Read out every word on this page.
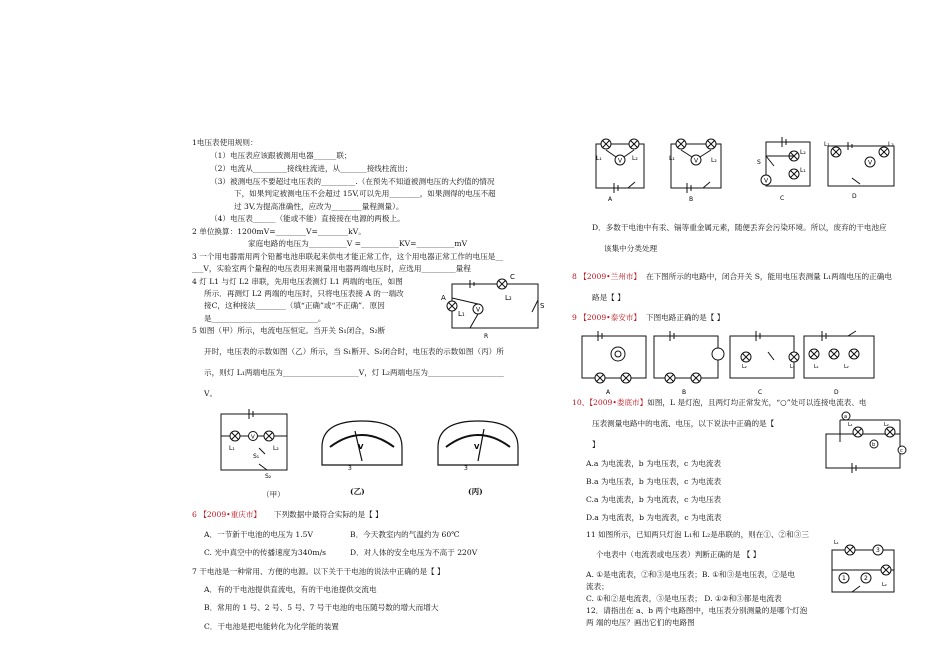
1电压表使用规则：
（1）电压表应该跟被测用电器______联；
（2）电流从_________接线柱流进，从_______接线柱流出；
（3）被测电压不要超过电压表的_________.（在预先不知道被测电压的大约值的情况
下，如果判定被测电压不会超过 15V,可以先用________，如果测得的电压不超
过 3V,为提高准确性，应改为________量程测量）。
（4）电压表______（能或不能）直接接在电源的两极上。
2 单位换算：1200mV=________V=________kV。
家庭电路的电压为__________V =__________KV=__________mV
3 一个用电器需用两个铅蓄电池串联起来供电才能正常工作，这个用电器正常工作的电压是__
___V，实验室两个量程的电压表用来测量用电器两端电压时，应选用_________量程
4 灯 L1 与灯 L2 串联，先用电压表测灯 L1 两端的电压，如图
所示．再测灯 L2 两端的电压时，只将电压表接 A 的一端改
接C，这种接法________（填“正确”或“不正确”．原因
是____________________________。
5 如图（甲）所示，电流电压恒定。当开关 S₁闭合，S₂断
开时，电压表的示数如图（乙）所示，当 S₁断开、S₂闭合时，电压表的示数如图（丙）所
示，则灯 L₁两端电压为____________________V，灯 L₂两端电压为____________________
V。
V
A
C
L₁
L₂
S
R
V
L₁	L₂
S₁
S₂
（甲）
V
3
(乙)
V
3
(丙)
6 【2009•重庆市】 下列数据中最符合实际的是【 】
A．一节新干电池的电压为 1.5V	B．今天教室内的气温约为 60℃
C. 光中真空中的传播速度为340m/s	D．对人体的安全电压为不高于 220V
7 干电池是一种常用、方便的电源。以下关于干电池的说法中正确的是【 】
A．有的干电池提供直流电，有的干电池提供交流电
B．常用的 1 号、2 号、5 号、7 号干电池的电压随号数的增大而增大
C．干电池是把电能转化为化学能的装置
V
L₁	L₂
A
V
L₁	L₂
B
V
S
L₂
L₁
C
V
L₁	L₂
D
D．多数干电池中有汞、镉等重金属元素，随便丢弃会污染环境。所以，废弃的干电池应
该集中分类处理
8 【2009•兰州市】 在下图所示的电路中，闭合开关 S，能用电压表测量 L₁两端电压的正确电
路是【 】
9 【2009•泰安市】 下图电路正确的是【 】
A	B	C	D
L₂	L₁	L₁	L₂
10、【2009•娄底市】如图，L 是灯泡，且两灯均正常发光，“○”处可以连接电流表、电
压表测量电路中的电流、电压，以下说法中正确的是【
】
A.a 为电流表，b 为电压表，c 为电流表
B.a 为电压表，b 为电压表，c 为电流表
C.a 为电流表，b 为电流表，c 为电压表
D.a 为电流表，b 为电流表，c 为电流表
a
b
c
L₁	L₂
11 如图所示，已知两只灯泡 L₁和 L₂是串联的，则在①、②和③三
个电表中（电流表或电压表）判断正确的是 【 】
A. ①是电流表，②和③是电压表；B. ①和③是电压表，②是电
流表；
C. ①和②是电流表，③是电压表； D. ①②和③都是电流表
12．请指出在 a、b 两个电路图中，电压表分别测量的是哪个灯泡
两 端的电压？画出它们的电路图
L₁
L₂
3
1	2
